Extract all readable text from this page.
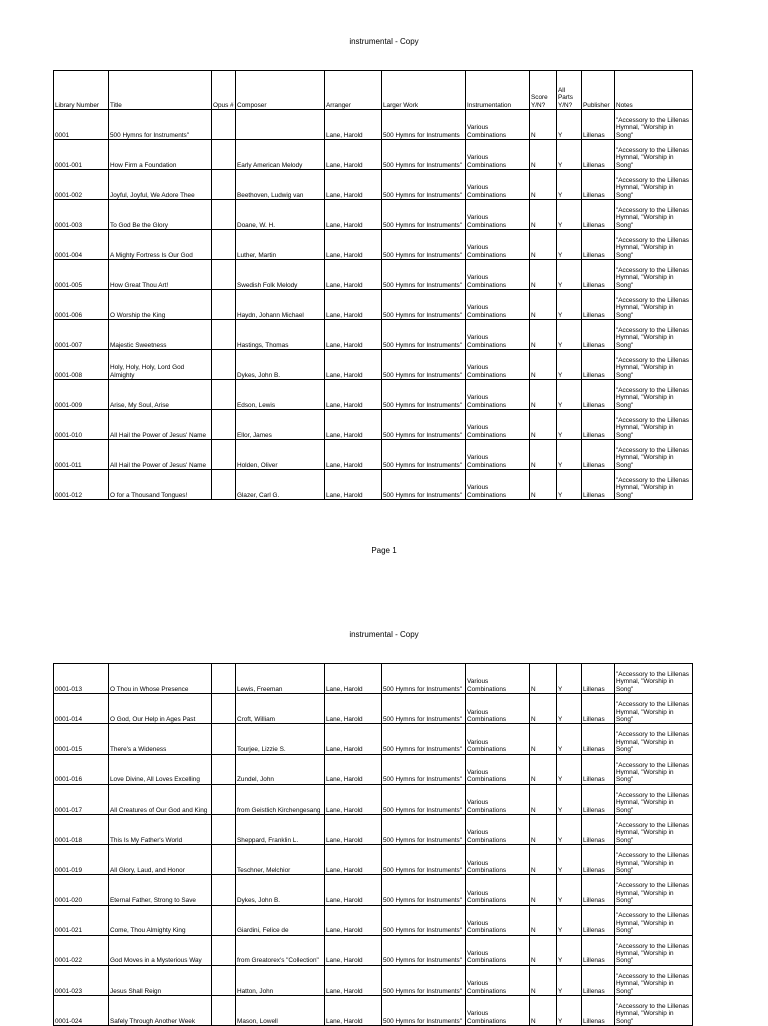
instrumental - Copy
Library Number	Title	Opus #	Composer	Arranger	Larger Work	Instrumentation	Score Y/N?	All Parts Y/N?	Publisher	Notes
0001	500 Hymns for Instruments"			Lane, Harold	500 Hymns for Instruments	Various Combinations	N	Y	Lillenas	"Accessory to the Lillenas Hymnal, "Worship in Song"
0001-001	How Firm a Foundation		Early American Melody	Lane, Harold	500 Hymns for Instruments"	Various Combinations	N	Y	Lillenas	"Accessory to the Lillenas Hymnal, "Worship in Song"
0001-002	Joyful, Joyful, We Adore Thee		Beethoven, Ludwig van	Lane, Harold	500 Hymns for Instruments"	Various Combinations	N	Y	Lillenas	"Accessory to the Lillenas Hymnal, "Worship in Song"
0001-003	To God Be the Glory		Doane, W. H.	Lane, Harold	500 Hymns for Instruments"	Various Combinations	N	Y	Lillenas	"Accessory to the Lillenas Hymnal, "Worship in Song"
0001-004	A Mighty Fortress Is Our God		Luther, Martin	Lane, Harold	500 Hymns for Instruments"	Various Combinations	N	Y	Lillenas	"Accessory to the Lillenas Hymnal, "Worship in Song"
0001-005	How Great Thou Art!		Swedish Folk Melody	Lane, Harold	500 Hymns for Instruments"	Various Combinations	N	Y	Lillenas	"Accessory to the Lillenas Hymnal, "Worship in Song"
0001-006	O Worship the King		Haydn, Johann Michael	Lane, Harold	500 Hymns for Instruments"	Various Combinations	N	Y	Lillenas	"Accessory to the Lillenas Hymnal, "Worship in Song"
0001-007	Majestic Sweetness		Hastings, Thomas	Lane, Harold	500 Hymns for Instruments"	Various Combinations	N	Y	Lillenas	"Accessory to the Lillenas Hymnal, "Worship in Song"
0001-008	Holy, Holy, Holy, Lord God Almighty		Dykes, John B.	Lane, Harold	500 Hymns for Instruments"	Various Combinations	N	Y	Lillenas	"Accessory to the Lillenas Hymnal, "Worship in Song"
0001-009	Arise, My Soul, Arise		Edson, Lewis	Lane, Harold	500 Hymns for Instruments"	Various Combinations	N	Y	Lillenas	"Accessory to the Lillenas Hymnal, "Worship in Song"
0001-010	All Hail the Power of Jesus' Name		Ellor, James	Lane, Harold	500 Hymns for Instruments"	Various Combinations	N	Y	Lillenas	"Accessory to the Lillenas Hymnal, "Worship in Song"
0001-011	All Hail the Power of Jesus' Name		Holden, Oliver	Lane, Harold	500 Hymns for Instruments"	Various Combinations	N	Y	Lillenas	"Accessory to the Lillenas Hymnal, "Worship in Song"
0001-012	O for a Thousand Tongues!		Glazer, Carl G.	Lane, Harold	500 Hymns for Instruments"	Various Combinations	N	Y	Lillenas	"Accessory to the Lillenas Hymnal, "Worship in Song"
Page 1
instrumental - Copy
0001-013	O Thou in Whose Presence		Lewis, Freeman	Lane, Harold	500 Hymns for Instruments"	Various Combinations	N	Y	Lillenas	"Accessory to the Lillenas Hymnal, "Worship in Song"
0001-014	O God, Our Help in Ages Past		Croft, William	Lane, Harold	500 Hymns for Instruments"	Various Combinations	N	Y	Lillenas	"Accessory to the Lillenas Hymnal, "Worship in Song"
0001-015	There's a Wideness		Tourjee, Lizzie S.	Lane, Harold	500 Hymns for Instruments"	Various Combinations	N	Y	Lillenas	"Accessory to the Lillenas Hymnal, "Worship in Song"
0001-016	Love Divine, All Loves Excelling		Zundel, John	Lane, Harold	500 Hymns for Instruments"	Various Combinations	N	Y	Lillenas	"Accessory to the Lillenas Hymnal, "Worship in Song"
0001-017	All Creatures of Our God and King		from Geistlich Kirchengesang	Lane, Harold	500 Hymns for Instruments"	Various Combinations	N	Y	Lillenas	"Accessory to the Lillenas Hymnal, "Worship in Song"
0001-018	This Is My Father's World		Sheppard, Franklin L.	Lane, Harold	500 Hymns for Instruments"	Various Combinations	N	Y	Lillenas	"Accessory to the Lillenas Hymnal, "Worship in Song"
0001-019	All Glory, Laud, and Honor		Teschner, Melchior	Lane, Harold	500 Hymns for Instruments"	Various Combinations	N	Y	Lillenas	"Accessory to the Lillenas Hymnal, "Worship in Song"
0001-020	Eternal Father, Strong to Save		Dykes, John B.	Lane, Harold	500 Hymns for Instruments"	Various Combinations	N	Y	Lillenas	"Accessory to the Lillenas Hymnal, "Worship in Song"
0001-021	Come, Thou Almighty King		Giardini, Felice de	Lane, Harold	500 Hymns for Instruments"	Various Combinations	N	Y	Lillenas	"Accessory to the Lillenas Hymnal, "Worship in Song"
0001-022	God Moves in a Mysterious Way		from Greatorex's "Collection"	Lane, Harold	500 Hymns for Instruments"	Various Combinations	N	Y	Lillenas	"Accessory to the Lillenas Hymnal, "Worship in Song"
0001-023	Jesus Shall Reign		Hatton, John	Lane, Harold	500 Hymns for Instruments"	Various Combinations	N	Y	Lillenas	"Accessory to the Lillenas Hymnal, "Worship in Song"
0001-024	Safely Through Another Week		Mason, Lowell	Lane, Harold	500 Hymns for Instruments"	Various Combinations	N	Y	Lillenas	"Accessory to the Lillenas Hymnal, "Worship in Song"
